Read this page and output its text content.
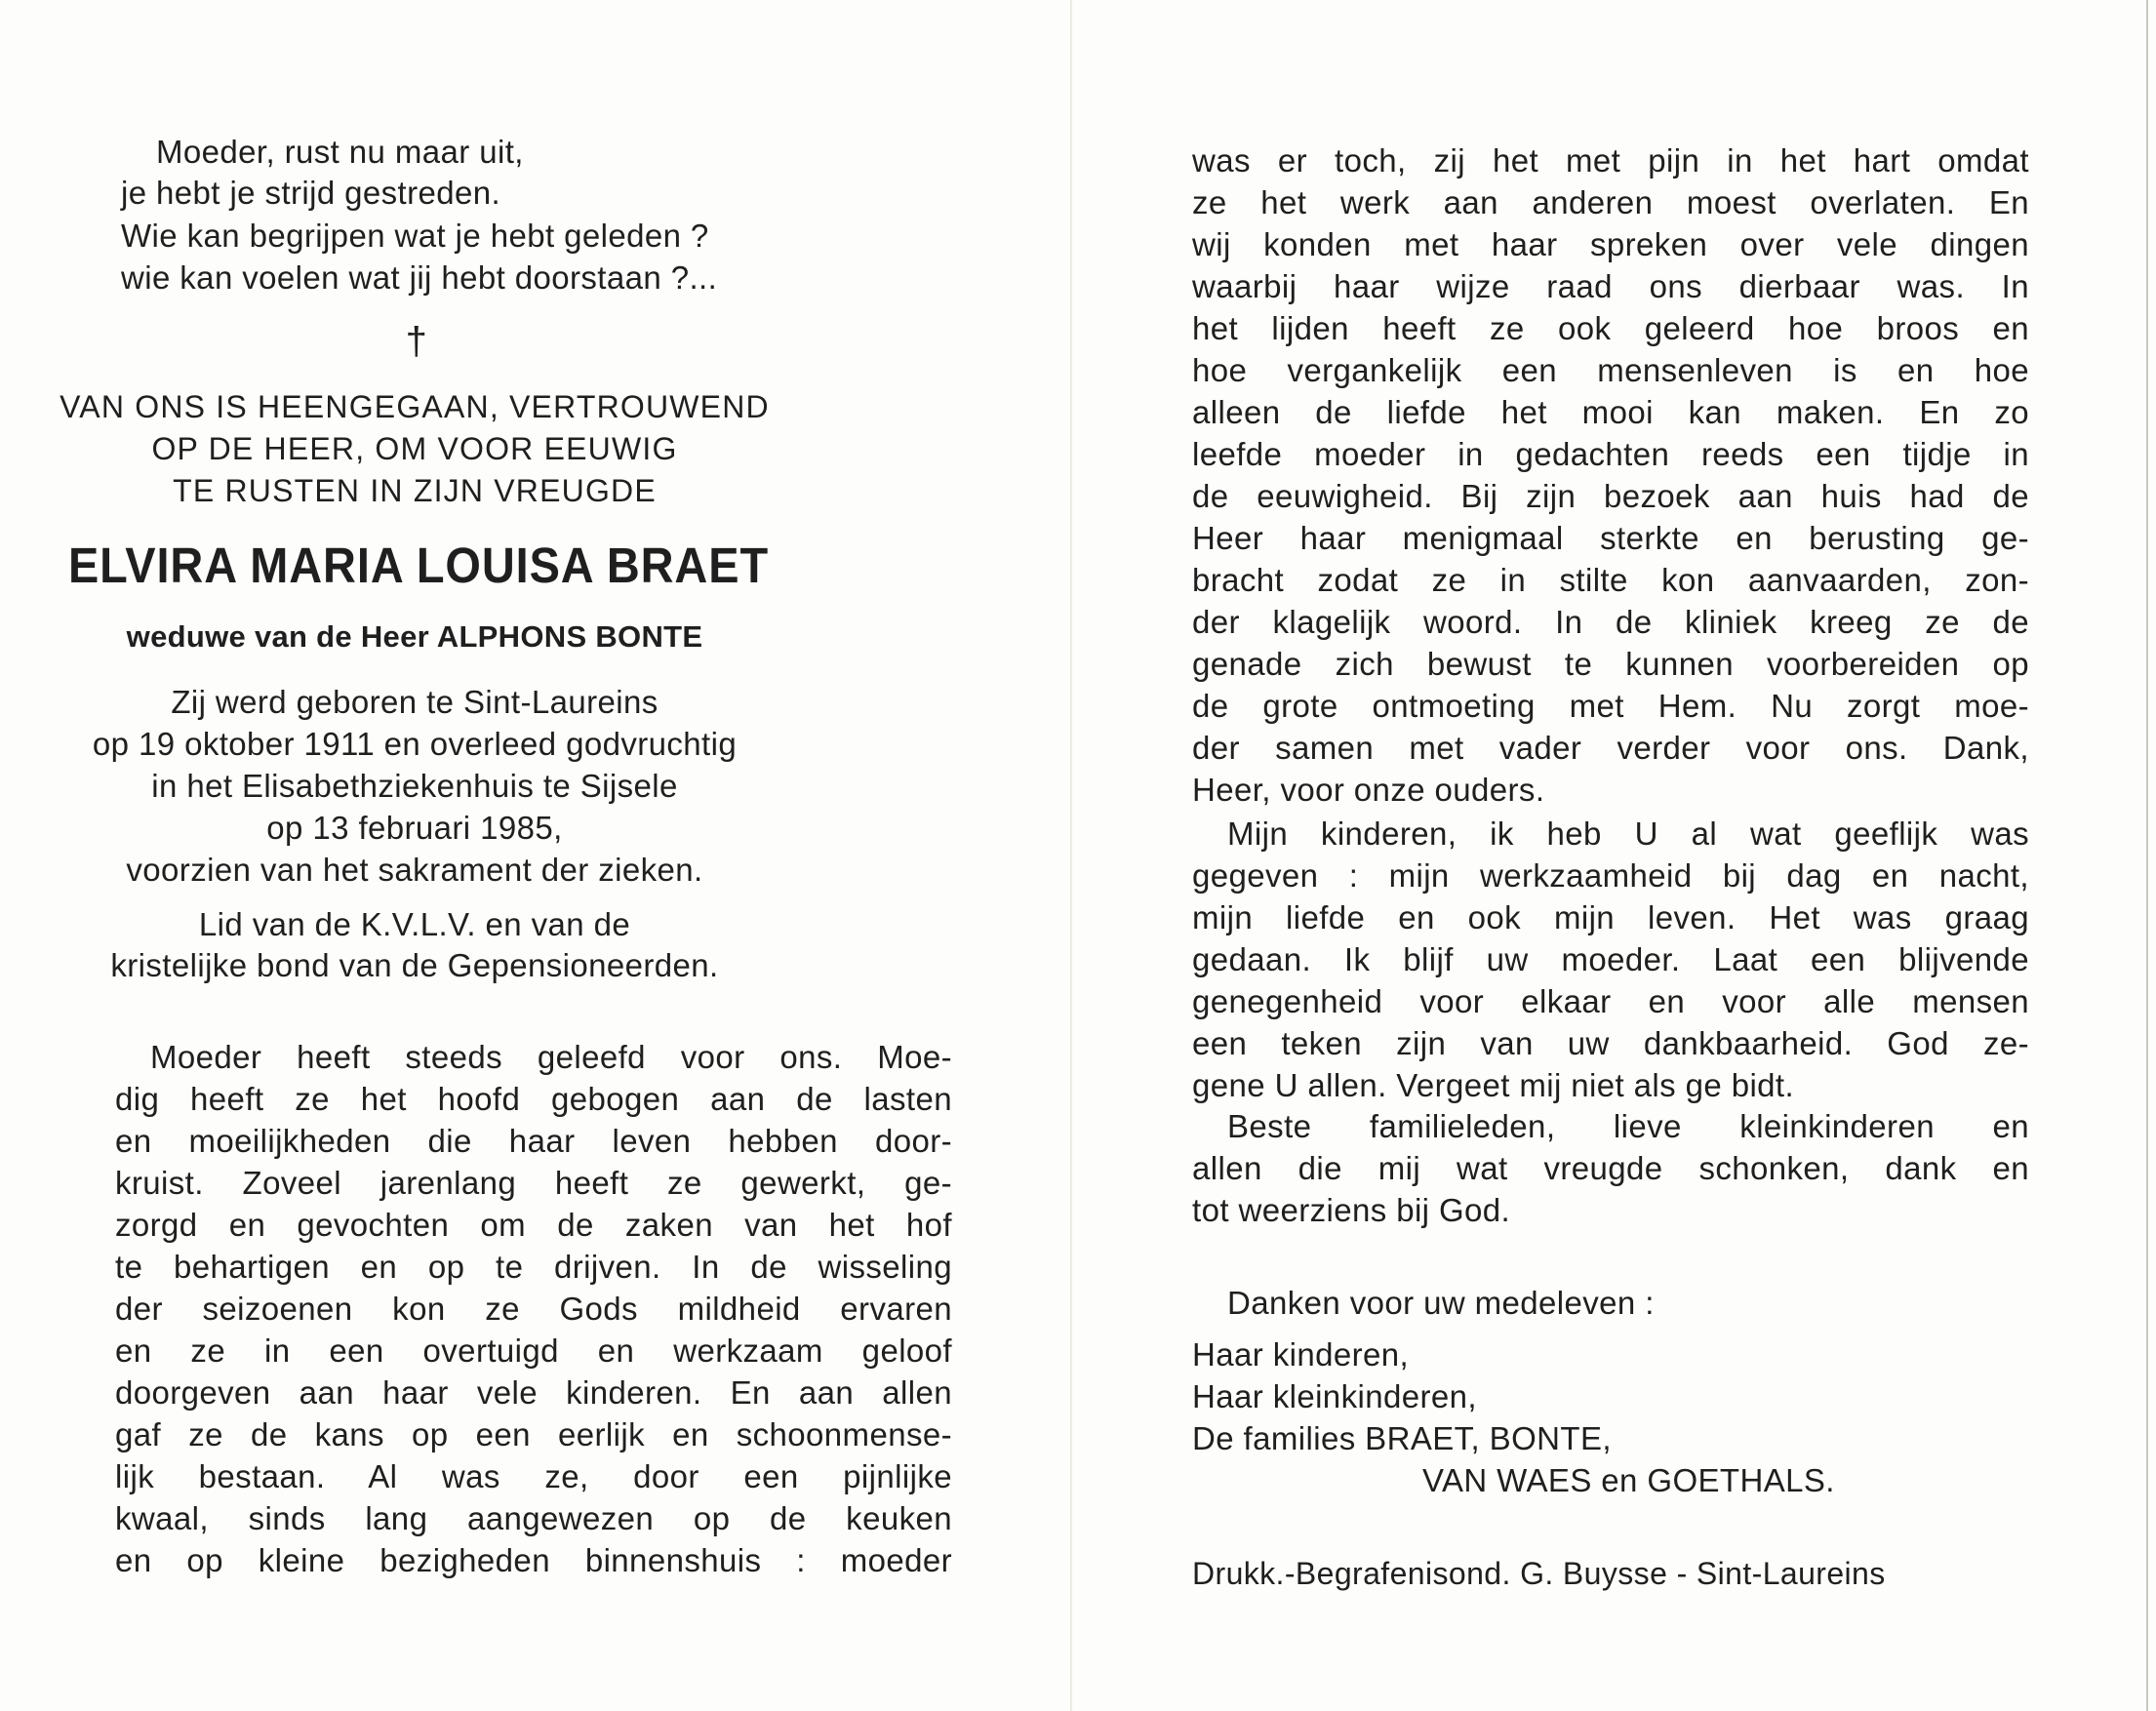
Moeder, rust nu maar uit,
je hebt je strijd gestreden.
Wie kan begrijpen wat je hebt geleden ?
wie kan voelen wat jij hebt doorstaan ?...
†
VAN ONS IS HEENGEGAAN, VERTROUWEND
OP DE HEER, OM VOOR EEUWIG
TE RUSTEN IN ZIJN VREUGDE
ELVIRA MARIA LOUISA BRAET
weduwe van de Heer ALPHONS BONTE
Zij werd geboren te Sint-Laureins
op 19 oktober 1911 en overleed godvruchtig
in het Elisabethziekenhuis te Sijsele
op 13 februari 1985,
voorzien van het sakrament der zieken.
Lid van de K.V.L.V. en van de
kristelijke bond van de Gepensioneerden.
Moeder heeft steeds geleefd voor ons. Moe-
dig heeft ze het hoofd gebogen aan de lasten
en moeilijkheden die haar leven hebben door-
kruist. Zoveel jarenlang heeft ze gewerkt, ge-
zorgd en gevochten om de zaken van het hof
te behartigen en op te drijven. In de wisseling
der seizoenen kon ze Gods mildheid ervaren
en ze in een overtuigd en werkzaam geloof
doorgeven aan haar vele kinderen. En aan allen
gaf ze de kans op een eerlijk en schoonmense-
lijk bestaan. Al was ze, door een pijnlijke
kwaal, sinds lang aangewezen op de keuken
en op kleine bezigheden binnenshuis : moeder
was er toch, zij het met pijn in het hart omdat
ze het werk aan anderen moest overlaten. En
wij konden met haar spreken over vele dingen
waarbij haar wijze raad ons dierbaar was. In
het lijden heeft ze ook geleerd hoe broos en
hoe vergankelijk een mensenleven is en hoe
alleen de liefde het mooi kan maken. En zo
leefde moeder in gedachten reeds een tijdje in
de eeuwigheid. Bij zijn bezoek aan huis had de
Heer haar menigmaal sterkte en berusting ge-
bracht zodat ze in stilte kon aanvaarden, zon-
der klagelijk woord. In de kliniek kreeg ze de
genade zich bewust te kunnen voorbereiden op
de grote ontmoeting met Hem. Nu zorgt moe-
der samen met vader verder voor ons. Dank,
Heer, voor onze ouders.
Mijn kinderen, ik heb U al wat geeflijk was
gegeven : mijn werkzaamheid bij dag en nacht,
mijn liefde en ook mijn leven. Het was graag
gedaan. Ik blijf uw moeder. Laat een blijvende
genegenheid voor elkaar en voor alle mensen
een teken zijn van uw dankbaarheid. God ze-
gene U allen. Vergeet mij niet als ge bidt.
Beste familieleden, lieve kleinkinderen en
allen die mij wat vreugde schonken, dank en
tot weerziens bij God.
Danken voor uw medeleven :
Haar kinderen,
Haar kleinkinderen,
De families BRAET, BONTE,
VAN WAES en GOETHALS.
Drukk.-Begrafenisond. G. Buysse - Sint-Laureins
